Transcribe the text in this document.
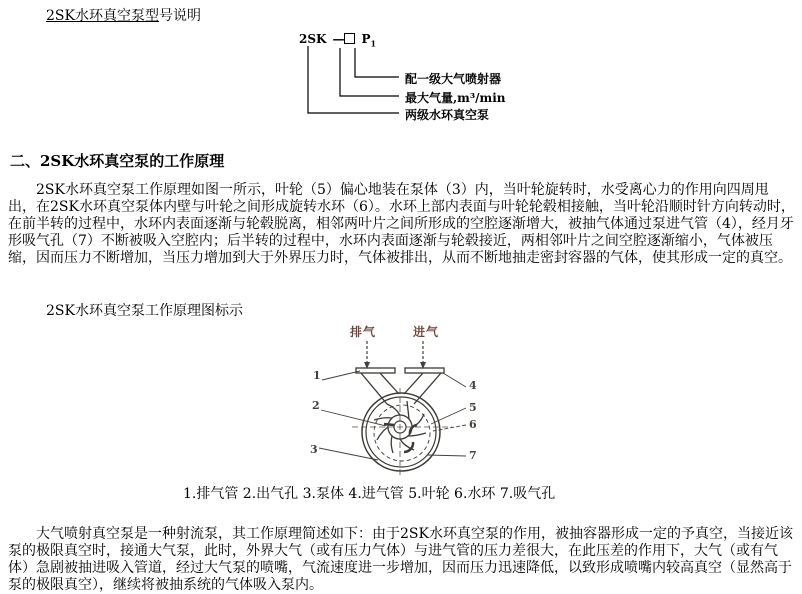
2SK水环真空泵型号说明
2SK — $P_1$
配一级大气喷射器
最大气量,m³/min
两级水环真空泵
二、2SK水环真空泵的工作原理
2SK水环真空泵工作原理如图一所示，叶轮（5）偏心地装在泵体（3）内，当叶轮旋转时，水受离心力的作用向四周甩出，在2SK水环真空泵体内壁与叶轮之间形成旋转水环（6）。水环上部内表面与叶轮轮毂相接触，当叶轮沿顺时针方向转动时，在前半转的过程中，水环内表面逐渐与轮毂脱离，相邻两叶片之间所形成的空腔逐渐增大，被抽气体通过泵进气管（4），经月牙形吸气孔（7）不断被吸入空腔内；后半转的过程中，水环内表面逐渐与轮毂接近，两相邻叶片之间空腔逐渐缩小，气体被压缩，因而压力不断增加，当压力增加到大于外界压力时，气体被排出，从而不断地抽走密封容器的气体，使其形成一定的真空。
2SK水环真空泵工作原理图标示
排气	进气
1
2
3
4
5
6
7
1.排气管 2.出气孔 3.泵体 4.进气管 5.叶轮 6.水环 7.吸气孔
大气喷射真空泵是一种射流泵，其工作原理简述如下：由于2SK水环真空泵的作用，被抽容器形成一定的予真空，当接近该泵的极限真空时，接通大气泵，此时，外界大气（或有压力气体）与进气管的压力差很大，在此压差的作用下，大气（或有气体）急剧被抽进吸入管道，经过大气泵的喷嘴，气流速度进一步增加，因而压力迅速降低，以致形成喷嘴内较高真空（显然高于泵的极限真空），继续将被抽系统的气体吸入泵内。
